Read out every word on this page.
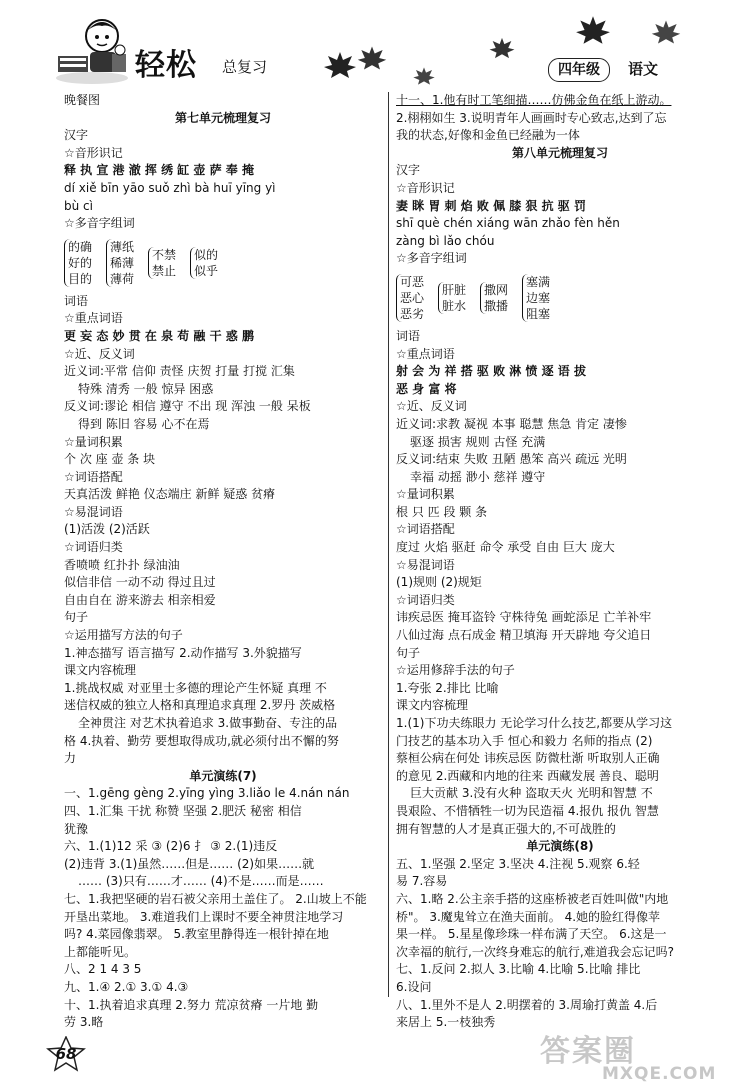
轻松 总复习	四年级	语文
晚餐图
第七单元梳理复习
汉字
☆音形识记
释 执 宣 港 澈 挥 绣 缸 壶 萨 奉 掩
dí xiě bīn yāo suǒ zhì bà huī yīng yì
bù cì
☆多音字组词
的确
好的
目的
薄纸
稀薄
薄荷
不禁
禁止
似的
似乎
词语
☆重点词语
更 妄 态 妙 贯 在 泉 苟 融 干 惑 鹏
☆近、反义词
近义词:平常 信仰 责怪 庆贺 打量 打搅 汇集
特殊 清秀 一般 惊异 困惑
反义词:谬论 相信 遵守 不出 现 浑浊 一般 呆板
得到 陈旧 容易 心不在焉
☆量词积累
个 次 座 壶 条 块
☆词语搭配
天真活泼 鲜艳 仪态端庄 新鲜 疑惑 贫瘠
☆易混词语
(1)活泼 (2)活跃
☆词语归类
香喷喷 红扑扑 绿油油
似信非信 一动不动 得过且过
自由自在 游来游去 相亲相爱
句子
☆运用描写方法的句子
1.神态描写 语言描写 2.动作描写 3.外貌描写
课文内容梳理
1.挑战权威 对亚里士多德的理论产生怀疑 真理 不
迷信权威的独立人格和真理追求真理 2.罗丹 茨威格
全神贯注 对艺术执着追求 3.做事勤奋、专注的品
格 4.执着、勤劳 要想取得成功,就必须付出不懈的努
力
单元演练(7)
一、1.gēng gèng 2.yīng yìng 3.liǎo le 4.nán nán
四、1.汇集 干扰 称赞 坚强 2.肥沃 秘密 相信
犹豫
六、1.(1)12 采 ③ (2)6 扌 ③ 2.(1)违反
(2)违背 3.(1)虽然……但是…… (2)如果……就
…… (3)只有……才…… (4)不是……而是……
七、1.我把坚硬的岩石被父亲用土盖住了。 2.山坡上不能
开垦出菜地。 3.难道我们上课时不要全神贯注地学习
吗? 4.菜园像翡翠。 5.教室里静得连一根针掉在地
上都能听见。
八、2 1 4 3 5
九、1.④ 2.① 3.① 4.③
十、1.执着追求真理 2.努力 荒凉贫瘠 一片地 勤
劳 3.略
十一、1.他有时工笔细描……仿佛金鱼在纸上游动。
2.栩栩如生 3.说明青年人画画时专心致志,达到了忘
我的状态,好像和金鱼已经融为一体
第八单元梳理复习
汉字
☆音形识记
妻 眯 胃 刺 焰 败 佩 膝 狠 抗 驱 罚
shī què chén xiáng wān zhǎo fèn hěn
zàng bì lǎo chóu
☆多音字组词
可恶
恶心
恶劣
肝脏
脏水
撒网
撒播
塞满
边塞
阻塞
词语
☆重点词语
射 会 为 祥 搭 驱 败 淋 愤 逐 语 拔
恶 身 富 将
☆近、反义词
近义词:求教 凝视 本事 聪慧 焦急 肯定 凄惨
驱逐 损害 规则 古怪 充满
反义词:结束 失败 丑陋 愚笨 高兴 疏远 光明
幸福 动摇 渺小 慈祥 遵守
☆量词积累
根 只 匹 段 颗 条
☆词语搭配
度过 火焰 驱赶 命令 承受 自由 巨大 庞大
☆易混词语
(1)规则 (2)规矩
☆词语归类
讳疾忌医 掩耳盗铃 守株待兔 画蛇添足 亡羊补牢
八仙过海 点石成金 精卫填海 开天辟地 夸父追日
句子
☆运用修辞手法的句子
1.夸张 2.排比 比喻
课文内容梳理
1.(1)下功夫练眼力 无论学习什么技艺,都要从学习这
门技艺的基本功入手 恒心和毅力 名师的指点 (2)
蔡桓公病在何处 讳疾忌医 防微杜渐 听取别人正确
的意见 2.西藏和内地的往来 西藏发展 善良、聪明
巨大贡献 3.没有火种 盗取天火 光明和智慧 不
畏艰险、不惜牺牲一切为民造福 4.报仇 报仇 智慧
拥有智慧的人才是真正强大的,不可战胜的
单元演练(8)
五、1.坚强 2.坚定 3.坚决 4.注视 5.观察 6.轻
易 7.容易
六、1.略 2.公主亲手搭的这座桥被老百姓叫做"内地
桥"。 3.魔鬼耸立在渔夫面前。 4.她的脸红得像苹
果一样。 5.星星像珍珠一样布满了天空。 6.这是一
次幸福的航行,一次终身难忘的航行,难道我会忘记吗?
七、1.反问 2.拟人 3.比喻 4.比喻 5.比喻 排比
6.设问
八、1.里外不是人 2.明摆着的 3.周瑜打黄盖 4.后
来居上 5.一枝独秀
68	答案圈
MXQE.COM
